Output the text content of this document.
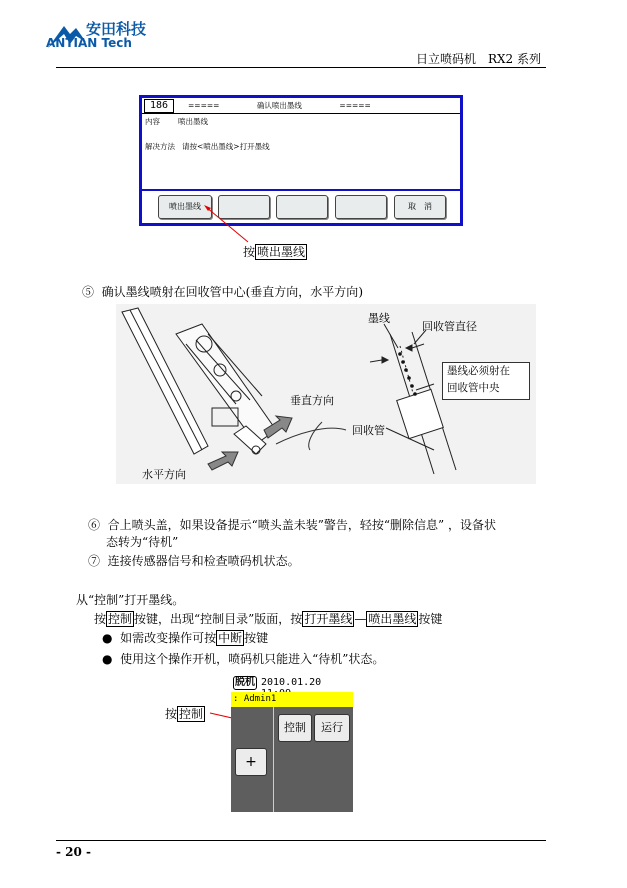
安田科技
ANTIAN Tech
日立喷码机　RX2 系列
186	=====　　　　　确认喷出墨线　　　　　=====
内容 喷出墨线
解决方法 请按<喷出墨线>打开墨线
喷出墨线	取　消
按 喷出墨线
⑤  确认墨线喷射在回收管中心(垂直方向，水平方向)
垂直方向
水平方向
墨线
回收管直径
墨线必须射在
回收管中央
回收管
⑥  合上喷头盖，如果设备提示“喷头盖未装”警告，轻按“删除信息” ，设备状
态转为“待机”
⑦  连接传感器信号和检查喷码机状态。
从“控制”打开墨线。
按 控制 按键，出现“控制目录”版面，按 打开墨线 — 喷出墨线 按键
●  如需改变操作可按 中断 按键
●  使用这个操作开机，喷码机只能进入“待机”状态。
脱机 2010.01.20
: Admin1
控制	运行
+
按 控制
- 20 -
